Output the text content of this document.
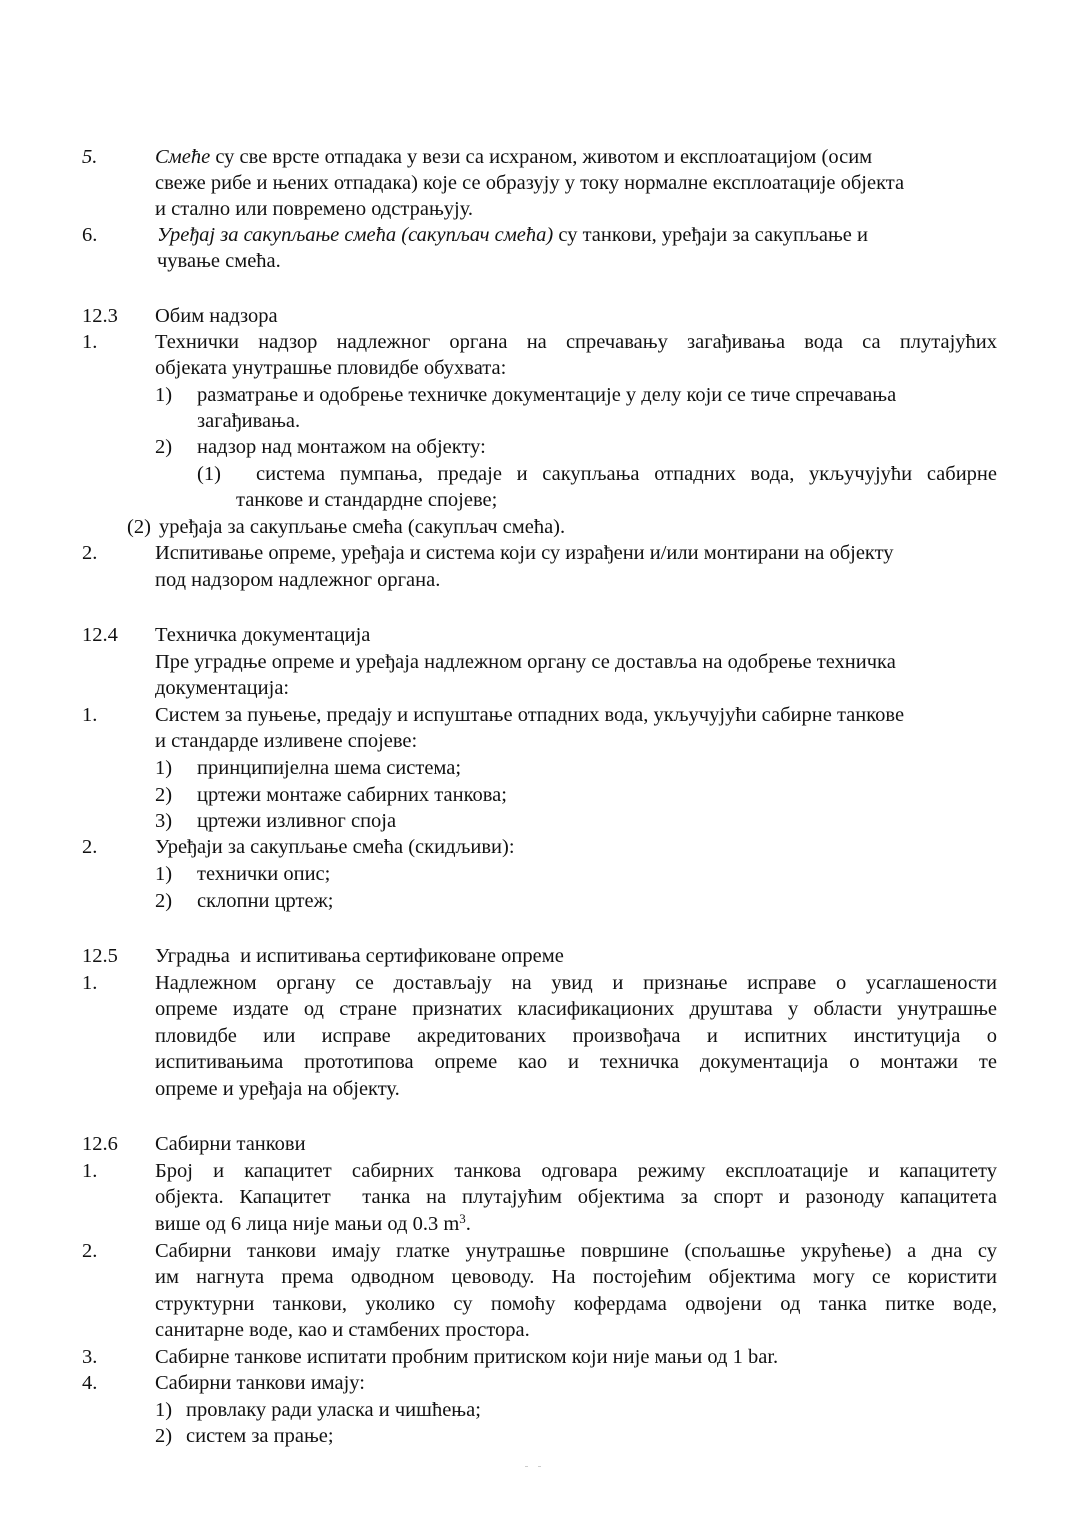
5.	Смеће су све врсте отпадака у вези са исхраном, животом и експлоатацијом (осим
свеже рибе и њених отпадака) које се образују у току нормалне експлоатације објекта
и стално или повремено одстрањују.
6.	Уређај за сакупљање смећа (сакупљач смећа) су танкови, уређаји за сакупљање и
чување смећа.
12.3 Обим надзора
1.	Технички надзор надлежног органа на спречавању загађивања вода са плутајућих
објеката унутрашње пловидбе обухвата:
1) разматрање и одобрење техничке документације у делу који се тиче спречавања
загађивања.
2) надзор над монтажом на објекту:
(1) система пумпања, предаје и сакупљања отпадних вода, укључујући сабирне
танкове и стандардне спојеве;
(2) уређаја за сакупљање смећа (сакупљач смећа).
2.	Испитивање опреме, уређаја и система који су израђени и/или монтирани на објекту
под надзором надлежног органа.
12.4 Техничка документација
Пре уградње опреме и уређаја надлежном органу се доставља на одобрење техничка
документација:
1.	Систем за пуњење, предају и испуштање отпадних вода, укључујући сабирне танкове
и стандарде изливене спојеве:
1) принципијелна шема система;
2) цртежи монтаже сабирних танкова;
3) цртежи изливног споја
2.	Уређаји за сакупљање смећа (скидљиви):
1) технички опис;
2) склопни цртеж;
12.5 Уградња  и испитивања сертификоване опреме
1.	Надлежном органу се достављају на увид и признање исправе о усаглашености
опреме издате од стране признатих класификационих друштава у области унутрашње
пловидбе или исправе акредитованих произвођача и испитних институција о
испитивањима прототипова опреме као и техничка документација о монтажи те
опреме и уређаја на објекту.
12.6 Сабирни танкови
1.	Број и капацитет сабирних танкова одговара режиму експлоатације и капацитету
објекта. Капацитет  танка на плутајућим објектима за спорт и разоноду капацитета
више од 6 лица није мањи од 0.3 $m^3$.
2.	Сабирни танкови имају глатке унутрашње површине (спољашње укрућење) а дна су
им нагнута према одводном цевоводу. На постојећим објектима могу се користити
структурни танкови, уколико су помоћу кофердама одвојени од танка питке воде,
санитарне воде, као и стамбених простора.
3.	Сабирне танкове испитати пробним притиском који није мањи од 1 bar.
4.	Сабирни танкови имају:
1) провлаку ради уласка и чишћења;
2) систем за прање;
